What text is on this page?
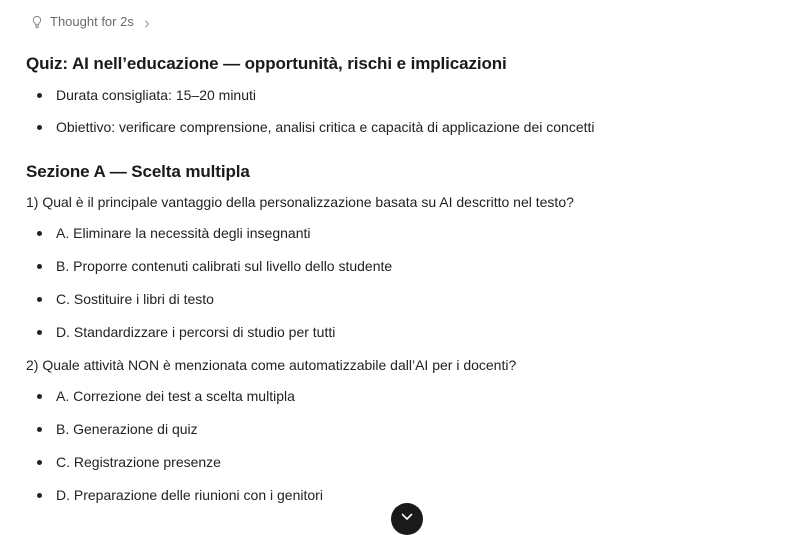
Thought for 2s
Quiz: AI nell’educazione — opportunità, rischi e implicazioni
Durata consigliata: 15–20 minuti
Obiettivo: verificare comprensione, analisi critica e capacità di applicazione dei concetti
Sezione A — Scelta multipla

1) Qual è il principale vantaggio della personalizzazione basata su AI descritto nel testo?

A. Eliminare la necessità degli insegnanti
B. Proporre contenuti calibrati sul livello dello studente
C. Sostituire i libri di testo
D. Standardizzare i percorsi di studio per tutti

2) Quale attività NON è menzionata come automatizzabile dall’AI per i docenti?

A. Correzione dei test a scelta multipla
B. Generazione di quiz
C. Registrazione presenze
D. Preparazione delle riunioni con i genitori
